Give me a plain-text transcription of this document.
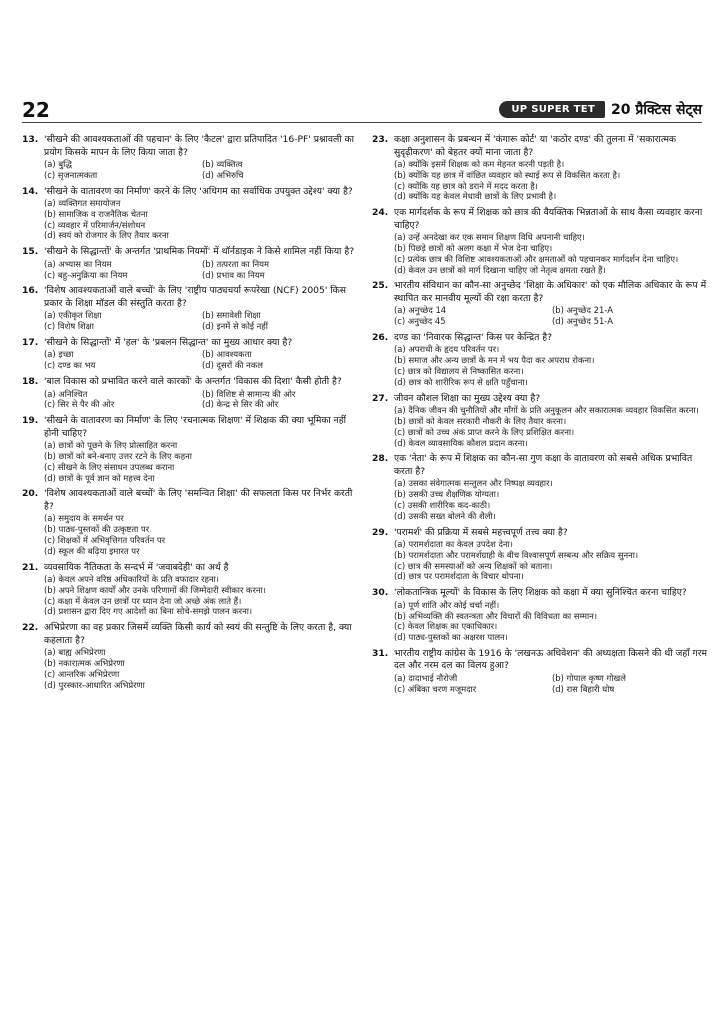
22	UP SUPER TET	20 प्रैक्टिस सेट्स
13. 'सीखने की आवश्यकताओं की पहचान' के लिए 'कैटल' द्वारा प्रतिपादित '16-PF' प्रश्नावली का प्रयोग किसके मापन के लिए किया जाता है?
(a) बुद्धि	(b) व्यक्तित्व
(c) सृजनात्मकता	(d) अभिरुचि
14. 'सीखने के वातावरण का निर्माण' करने के लिए 'अधिगम का सर्वाधिक उपयुक्त उद्देश्य' क्या है?
(a) व्यक्तिगत समायोजन
(b) सामाजिक व राजनैतिक चेतना
(c) व्यवहार में परिमार्जन/संशोधन
(d) स्वयं को रोजगार के लिए तैयार करना
15. 'सीखने के सिद्धान्तों' के अन्तर्गत 'प्राथमिक नियमों' में थॉर्नडाइक ने किसे शामिल नहीं किया है?
(a) अभ्यास का नियम	(b) तत्परता का नियम
(c) बहु-अनुक्रिया का नियम	(d) प्रभाव का नियम
16. 'विशेष आवश्यकताओं वाले बच्चों' के लिए 'राष्ट्रीय पाठ्यचर्या रूपरेखा (NCF) 2005' किस प्रकार के शिक्षा मॉडल की संस्तुति करता है?
(a) एकीकृत शिक्षा	(b) समावेशी शिक्षा
(c) विशेष शिक्षा	(d) इनमें से कोई नहीं
17. 'सीखने के सिद्धान्तों' में 'हल' के 'प्रबलन सिद्धान्त' का मुख्य आधार क्या है?
(a) इच्छा	(b) आवश्यकता
(c) दण्ड का भय	(d) दूसरों की नकल
18. 'बाल विकास को प्रभावित करने वाले कारकों' के अन्तर्गत 'विकास की दिशा' कैसी होती है?
(a) अनिश्चित	(b) विशिष्ट से सामान्य की ओर
(c) सिर से पैर की ओर	(d) केन्द्र से सिर की ओर
19. 'सीखने के वातावरण का निर्माण' के लिए 'रचनात्मक शिक्षण' में शिक्षक की क्या भूमिका नहीं होनी चाहिए?
(a) छात्रों को पूछने के लिए प्रोत्साहित करना
(b) छात्रों को बने-बनाए उत्तर रटने के लिए कहना
(c) सीखने के लिए संसाधन उपलब्ध कराना
(d) छात्रों के पूर्व ज्ञान को महत्त्व देना
20. 'विशेष आवश्यकताओं वाले बच्चों' के लिए 'समन्वित शिक्षा' की सफलता किस पर निर्भर करती है?
(a) समुदाय के समर्थन पर
(b) पाठ्य-पुस्तकों की उत्कृष्टता पर
(c) शिक्षकों में अभिवृत्तिगत परिवर्तन पर
(d) स्कूल की बढ़िया इमारत पर
21. व्यवसायिक नैतिकता के सन्दर्भ में 'जवाबदेही' का अर्थ है
(a) केवल अपने वरिष्ठ अधिकारियों के प्रति वफादार रहना।
(b) अपने शिक्षण कार्यों और उनके परिणामों की जिम्मेदारी स्वीकार करना।
(c) कक्षा में केवल उन छात्रों पर ध्यान देना जो अच्छे अंक लाते हैं।
(d) प्रशासन द्वारा दिए गए आदेशों का बिना सोचे-समझे पालन करना।
22. अभिप्रेरणा का वह प्रकार जिसमें व्यक्ति किसी कार्य को स्वयं की सन्तुष्टि के लिए करता है, क्या कहलाता है?
(a) बाह्य अभिप्रेरणा
(b) नकारात्मक अभिप्रेरणा
(c) आन्तरिक अभिप्रेरणा
(d) पुरस्कार-आधारित अभिप्रेरणा
23. कक्षा अनुशासन के प्रबन्धन में 'कंगारू कोर्ट' या 'कठोर दण्ड' की तुलना में 'सकारात्मक सुदृढ़ीकरण' को बेहतर क्यों माना जाता है?
(a) क्योंकि इसमें शिक्षक को कम मेहनत करनी पड़ती है।
(b) क्योंकि यह छात्र में वांछित व्यवहार को स्थाई रूप से विकसित करता है।
(c) क्योंकि यह छात्र को डराने में मदद करता है।
(d) क्योंकि यह केवल मेधावी छात्रों के लिए प्रभावी है।
24. एक मार्गदर्शक के रूप में शिक्षक को छात्र की वैयक्तिक भिन्नताओं के साथ कैसा व्यवहार करना चाहिए?
(a) उन्हें अनदेखा कर एक समान शिक्षण विधि अपनानी चाहिए।
(b) पिछड़े छात्रों को अलग कक्षा में भेज देना चाहिए।
(c) प्रत्येक छात्र की विशिष्ट आवश्यकताओं और क्षमताओं को पहचानकर मार्गदर्शन देना चाहिए।
(d) केवल उन छात्रों को मार्ग दिखाना चाहिए जो नेतृत्व क्षमता रखते हैं।
25. भारतीय संविधान का कौन-सा अनुच्छेद 'शिक्षा के अधिकार' को एक मौलिक अधिकार के रूप में स्थापित कर मानवीय मूल्यों की रक्षा करता है?
(a) अनुच्छेद 14	(b) अनुच्छेद 21-A
(c) अनुच्छेद 45	(d) अनुच्छेद 51-A
26. दण्ड का 'निवारक सिद्धान्त' किस पर केन्द्रित है?
(a) अपराधी के हृदय परिवर्तन पर।
(b) समाज और अन्य छात्रों के मन में भय पैदा कर अपराध रोकना।
(c) छात्र को विद्यालय से निष्कासित करना।
(d) छात्र को शारीरिक रूप से क्षति पहुँचाना।
27. जीवन कौशल शिक्षा का मुख्य उद्देश्य क्या है?
(a) दैनिक जीवन की चुनौतियों और माँगों के प्रति अनुकूलन और सकारात्मक व्यवहार विकसित करना।
(b) छात्रों को केवल सरकारी नौकरी के लिए तैयार करना।
(c) छात्रों को उच्च अंक प्राप्त करने के लिए प्रशिक्षित करना।
(d) केवल व्यावसायिक कौशल प्रदान करना।
28. एक 'नेता' के रूप में शिक्षक का कौन-सा गुण कक्षा के वातावरण को सबसे अधिक प्रभावित करता है?
(a) उसका संवेगात्मक सन्तुलन और निष्पक्ष व्यवहार।
(b) उसकी उच्च शैक्षणिक योग्यता।
(c) उसकी शारीरिक कद-काठी।
(d) उसकी सख्त बोलने की शैली।
29. 'परामर्श' की प्रक्रिया में सबसे महत्त्वपूर्ण तत्त्व क्या है?
(a) परामर्शदाता का केवल उपदेश देना।
(b) परामर्शदाता और परामर्शग्राही के बीच विश्वासपूर्ण सम्बन्ध और सक्रिय सुनना।
(c) छात्र की समस्याओं को अन्य शिक्षकों को बताना।
(d) छात्र पर परामर्शदाता के विचार थोपना।
30. 'लोकतान्त्रिक मूल्यों' के विकास के लिए शिक्षक को कक्षा में क्या सुनिश्चित करना चाहिए?
(a) पूर्ण शांति और कोई चर्चा नहीं।
(b) अभिव्यक्ति की स्वतन्त्रता और विचारों की विविधता का सम्मान।
(c) केवल शिक्षक का एकाधिकार।
(d) पाठ्य-पुस्तकों का अक्षरश पालन।
31. भारतीय राष्ट्रीय कांग्रेस के 1916 के 'लखनऊ अधिवेशन' की अध्यक्षता किसने की थी जहाँ गरम दल और नरम दल का विलय हुआ?
(a) दादाभाई नौरोजी	(b) गोपाल कृष्ण गोखले
(c) अंबिका चरण मजूमदार	(d) रास बिहारी घोष
